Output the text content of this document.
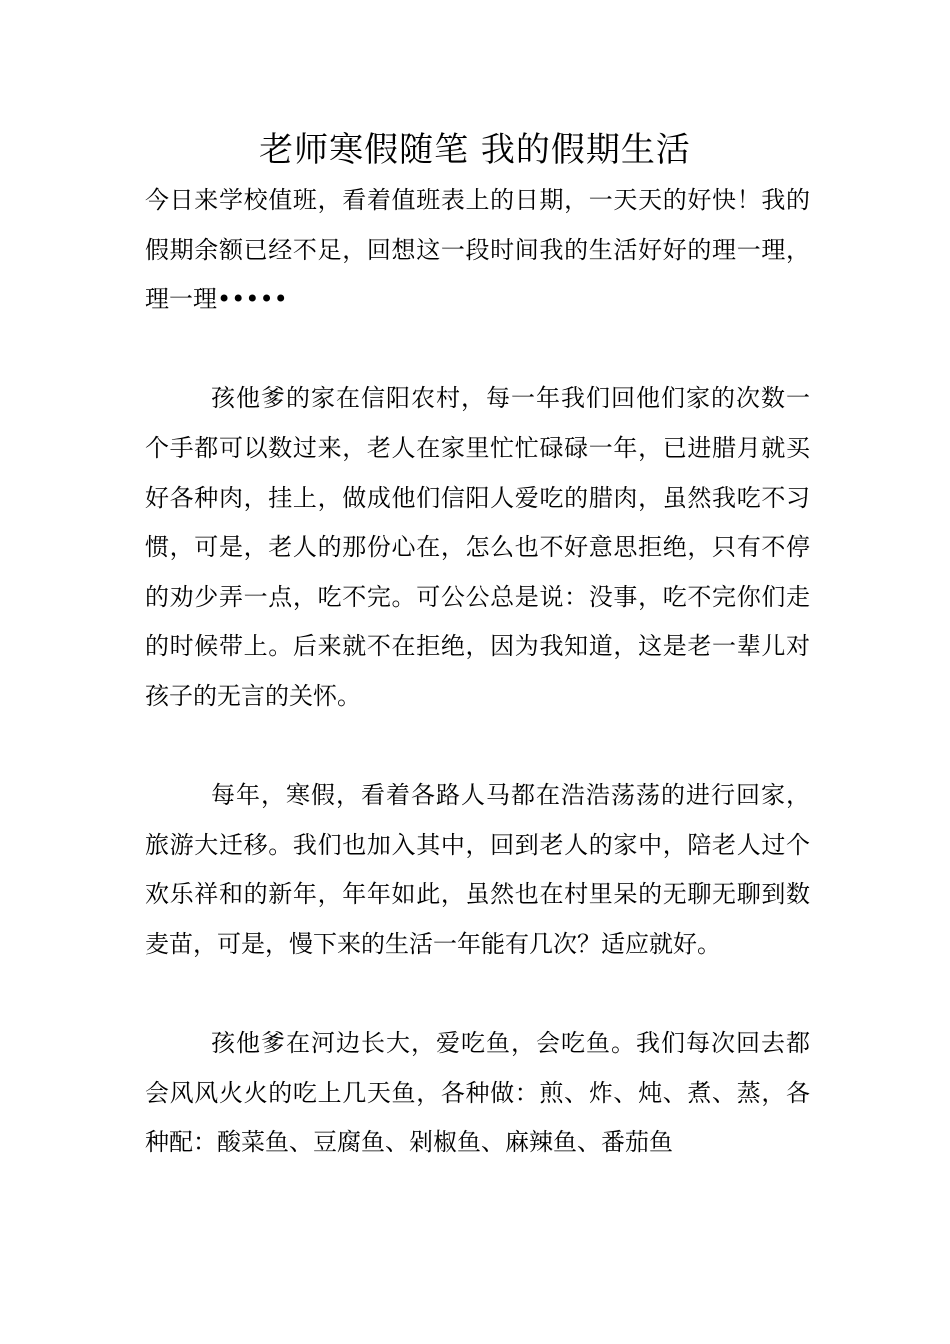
老师寒假随笔 我的假期生活

今日来学校值班，看着值班表上的日期，一天天的好快！我的假期余额已经不足，回想这一段时间我的生活好好的理一理，理一理•••••

孩他爹的家在信阳农村，每一年我们回他们家的次数一个手都可以数过来，老人在家里忙忙碌碌一年，已进腊月就买好各种肉，挂上，做成他们信阳人爱吃的腊肉，虽然我吃不习惯，可是，老人的那份心在，怎么也不好意思拒绝，只有不停的劝少弄一点，吃不完。可公公总是说：没事，吃不完你们走的时候带上。后来就不在拒绝，因为我知道，这是老一辈儿对孩子的无言的关怀。

每年，寒假，看着各路人马都在浩浩荡荡的进行回家，旅游大迁移。我们也加入其中，回到老人的家中，陪老人过个欢乐祥和的新年，年年如此，虽然也在村里呆的无聊无聊到数麦苗，可是，慢下来的生活一年能有几次？适应就好。

孩他爹在河边长大，爱吃鱼，会吃鱼。我们每次回去都会风风火火的吃上几天鱼，各种做：煎、炸、炖、煮、蒸，各种配：酸菜鱼、豆腐鱼、剁椒鱼、麻辣鱼、番茄鱼
